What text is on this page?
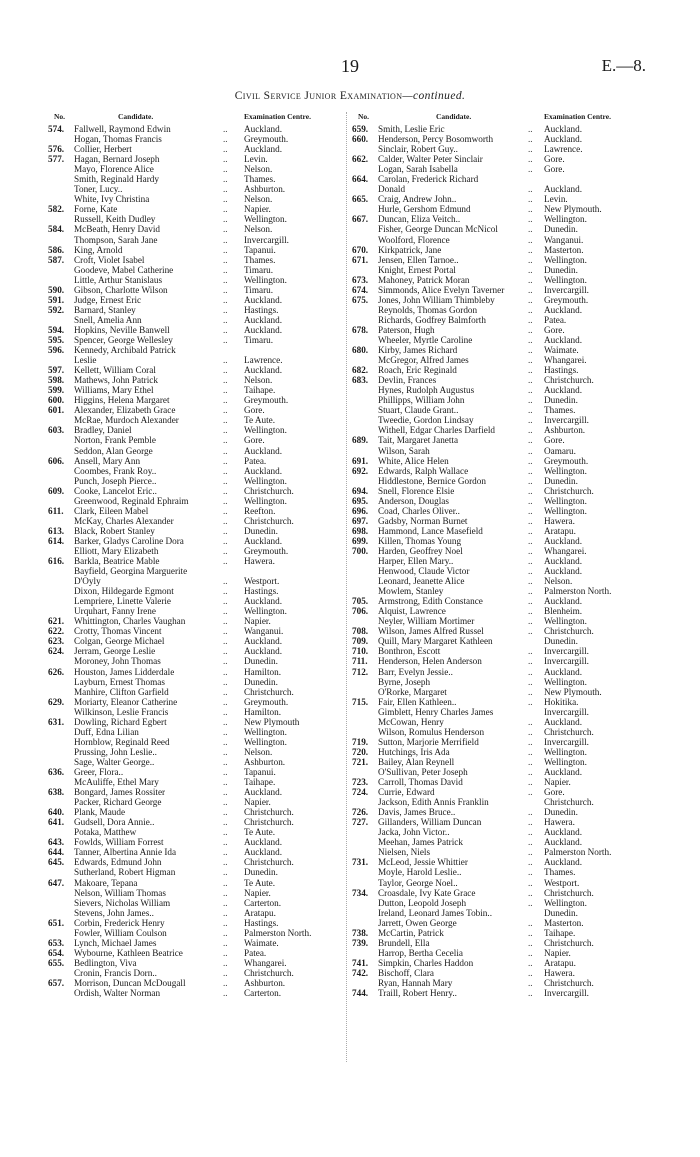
19	E.—8.
Civil Service Junior Examination—continued.
No.	Candidate.	Examination Centre.
574.	Fallwell, Raymond Edwin	.. Auckland.
Hogan, Thomas Francis	.. Greymouth.
576.	Collier, Herbert	.. Auckland.
577.	Hagan, Bernard Joseph	.. Levin.
Mayo, Florence Alice	.. Nelson.
Smith, Reginald Hardy	.. Thames.
Toner, Lucy..	.. Ashburton.
White, Ivy Christina	.. Nelson.
582.	Forne, Kate	.. Napier.
Russell, Keith Dudley	.. Wellington.
584.	McBeath, Henry David	.. Nelson.
Thompson, Sarah Jane	.. Invercargill.
586.	King, Arnold	.. Tapanui.
587.	Croft, Violet Isabel	.. Thames.
Goodeve, Mabel Catherine	.. Timaru.
Little, Arthur Stanislaus	.. Wellington.
590.	Gibson, Charlotte Wilson	.. Timaru.
591.	Judge, Ernest Eric	.. Auckland.
592.	Barnard, Stanley	.. Hastings.
Snell, Amelia Ann	.. Auckland.
594.	Hopkins, Neville Banwell	.. Auckland.
595.	Spencer, George Wellesley	.. Timaru.
596.	Kennedy, Archibald Patrick
Leslie	.. Lawrence.
597.	Kellett, William Coral	.. Auckland.
598.	Mathews, John Patrick	.. Nelson.
599.	Williams, Mary Ethel	.. Taihape.
600.	Higgins, Helena Margaret	.. Greymouth.
601.	Alexander, Elizabeth Grace	.. Gore.
McRae, Murdoch Alexander	.. Te Aute.
603.	Bradley, Daniel	.. Wellington.
Norton, Frank Pemble	.. Gore.
Seddon, Alan George	.. Auckland.
606.	Ansell, Mary Ann	.. Patea.
Coombes, Frank Roy..	.. Auckland.
Punch, Joseph Pierce..	.. Wellington.
609.	Cooke, Lancelot Eric..	.. Christchurch.
Greenwood, Reginald Ephraim	.. Wellington.
611.	Clark, Eileen Mabel	.. Reefton.
McKay, Charles Alexander	.. Christchurch.
613.	Black, Robert Stanley	.. Dunedin.
614.	Barker, Gladys Caroline Dora	.. Auckland.
Elliott, Mary Elizabeth	.. Greymouth.
616.	Barkla, Beatrice Mable	.. Hawera.
Bayfield, Georgina Marguerite
D'Oyly	.. Westport.
Dixon, Hildegarde Egmont	.. Hastings.
Lempriere, Linette Valerie	.. Auckland.
Urquhart, Fanny Irene	.. Wellington.
621.	Whittington, Charles Vaughan	.. Napier.
622.	Crotty, Thomas Vincent	.. Wanganui.
623.	Colgan, George Michael	.. Auckland.
624.	Jerram, George Leslie	.. Auckland.
Moroney, John Thomas	.. Dunedin.
626.	Houston, James Lidderdale	.. Hamilton.
Layburn, Ernest Thomas	.. Dunedin.
Manhire, Clifton Garfield	.. Christchurch.
629.	Moriarty, Eleanor Catherine	.. Greymouth.
Wilkinson, Leslie Francis	.. Hamilton.
631.	Dowling, Richard Egbert	.. New Plymouth
Duff, Edna Lilian	.. Wellington.
Hornblow, Reginald Reed	.. Wellington.
Prussing, John Leslie..	.. Nelson.
Sage, Walter George..	.. Ashburton.
636.	Greer, Flora..	.. Tapanui.
McAuliffe, Ethel Mary	.. Taihape.
638.	Bongard, James Rossiter	.. Auckland.
Packer, Richard George	.. Napier.
640.	Plank, Maude	.. Christchurch.
641.	Gudsell, Dora Annie..	.. Christchurch.
Potaka, Matthew	.. Te Aute.
643.	Fowlds, William Forrest	.. Auckland.
644.	Tanner, Albertina Annie Ida	.. Auckland.
645.	Edwards, Edmund John	.. Christchurch.
Sutherland, Robert Higman	.. Dunedin.
647.	Makoare, Tepana	.. Te Aute.
Nelson, William Thomas	.. Napier.
Sievers, Nicholas William	.. Carterton.
Stevens, John James..	.. Aratapu.
651.	Corbin, Frederick Henry	.. Hastings.
Fowler, William Coulson	.. Palmerston North.
653.	Lynch, Michael James	.. Waimate.
654.	Wybourne, Kathleen Beatrice	.. Patea.
655.	Bedlington, Viva	.. Whangarei.
Cronin, Francis Dorn..	.. Christchurch.
657.	Morrison, Duncan McDougall	.. Ashburton.
Ordish, Walter Norman	.. Carterton.
No.	Candidate.	Examination Centre.
659.	Smith, Leslie Eric	.. Auckland.
660.	Henderson, Percy Bosomworth	.. Auckland.
Sinclair, Robert Guy..	.. Lawrence.
662.	Calder, Walter Peter Sinclair	.. Gore.
Logan, Sarah Isabella	.. Gore.
664.	Carolan, Frederick Richard
Donald	.. Auckland.
665.	Craig, Andrew John..	.. Levin.
Hurle, Gershom Edmund	.. New Plymouth.
667.	Duncan, Eliza Veitch..	.. Wellington.
Fisher, George Duncan McNicol	.. Dunedin.
Woolford, Florence	.. Wanganui.
670.	Kirkpatrick, Jane	.. Masterton.
671.	Jensen, Ellen Tarnoe..	.. Wellington.
Knight, Ernest Portal	.. Dunedin.
673.	Mahoney, Patrick Moran	.. Wellington.
674.	Simmonds, Alice Evelyn Taverner	.. Invercargill.
675.	Jones, John William Thimbleby	.. Greymouth.
Reynolds, Thomas Gordon	.. Auckland.
Richards, Godfrey Balmforth	.. Patea.
678.	Paterson, Hugh	.. Gore.
Wheeler, Myrtle Caroline	.. Auckland.
680.	Kirby, James Richard	.. Waimate.
McGregor, Alfred James	.. Whangarei.
682.	Roach, Eric Reginald	.. Hastings.
683.	Devlin, Frances	.. Christchurch.
Hynes, Rudolph Augustus	.. Auckland.
Phillipps, William John	.. Dunedin.
Stuart, Claude Grant..	.. Thames.
Tweedie, Gordon Lindsay	.. Invercargill.
Withell, Edgar Charles Darfield	.. Ashburton.
689.	Tait, Margaret Janetta	.. Gore.
Wilson, Sarah	.. Oamaru.
691.	White, Alice Helen	.. Greymouth.
692.	Edwards, Ralph Wallace	.. Wellington.
Hiddlestone, Bernice Gordon	.. Dunedin.
694.	Snell, Florence Elsie	.. Christchurch.
695.	Anderson, Douglas	.. Wellington.
696.	Coad, Charles Oliver..	.. Wellington.
697.	Gadsby, Norman Burnet	.. Hawera.
698.	Hammond, Lance Masefield	.. Aratapu.
699.	Killen, Thomas Young	.. Auckland.
700.	Harden, Geoffrey Noel	.. Whangarei.
Harper, Ellen Mary..	.. Auckland.
Henwood, Claude Victor	.. Auckland.
Leonard, Jeanette Alice	.. Nelson.
Mowlem, Stanley	.. Palmerston North.
705.	Armstrong, Edith Constance	.. Auckland.
706.	Alquist, Lawrence	.. Blenheim.
Neyler, William Mortimer	.. Wellington.
708.	Wilson, James Alfred Russel	.. Christchurch.
709.	Quill, Mary Margaret Kathleen	Dunedin.
710.	Bonthron, Escott	.. Invercargill.
711.	Henderson, Helen Anderson	.. Invercargill.
712.	Barr, Evelyn Jessie..	.. Auckland.
Byrne, Joseph	.. Wellington.
O'Rorke, Margaret	.. New Plymouth.
715.	Fair, Ellen Kathleen..	.. Hokitika.
Gimblett, Henry Charles James	Invercargill.
McCowan, Henry	.. Auckland.
Wilson, Romulus Henderson	.. Christchurch.
719.	Sutton, Marjorie Merrifield	.. Invercargill.
720.	Hutchings, Iris Ada	.. Wellington.
721.	Bailey, Alan Reynell	.. Wellington.
O'Sullivan, Peter Joseph	.. Auckland.
723.	Carroll, Thomas David	.. Napier.
724.	Currie, Edward	.. Gore.
Jackson, Edith Annis Franklin	Christchurch.
726.	Davis, James Bruce..	.. Dunedin.
727.	Gillanders, William Duncan	.. Hawera.
Jacka, John Victor..	.. Auckland.
Meehan, James Patrick	.. Auckland.
Nielsen, Niels	.. Palmerston North.
731.	McLeod, Jessie Whittier	.. Auckland.
Moyle, Harold Leslie..	.. Thames.
Taylor, George Noel..	.. Westport.
734.	Croasdale, Ivy Kate Grace	.. Christchurch.
Dutton, Leopold Joseph	.. Wellington.
Ireland, Leonard James Tobin..	Dunedin.
Jarrett, Owen George	.. Masterton.
738.	McCartin, Patrick	.. Taihape.
739.	Brundell, Ella	.. Christchurch.
Harrop, Bertha Cecelia	.. Napier.
741.	Simpkin, Charles Haddon	.. Aratapu.
742.	Bischoff, Clara	.. Hawera.
Ryan, Hannah Mary	.. Christchurch.
744.	Traill, Robert Henry..	.. Invercargill.
